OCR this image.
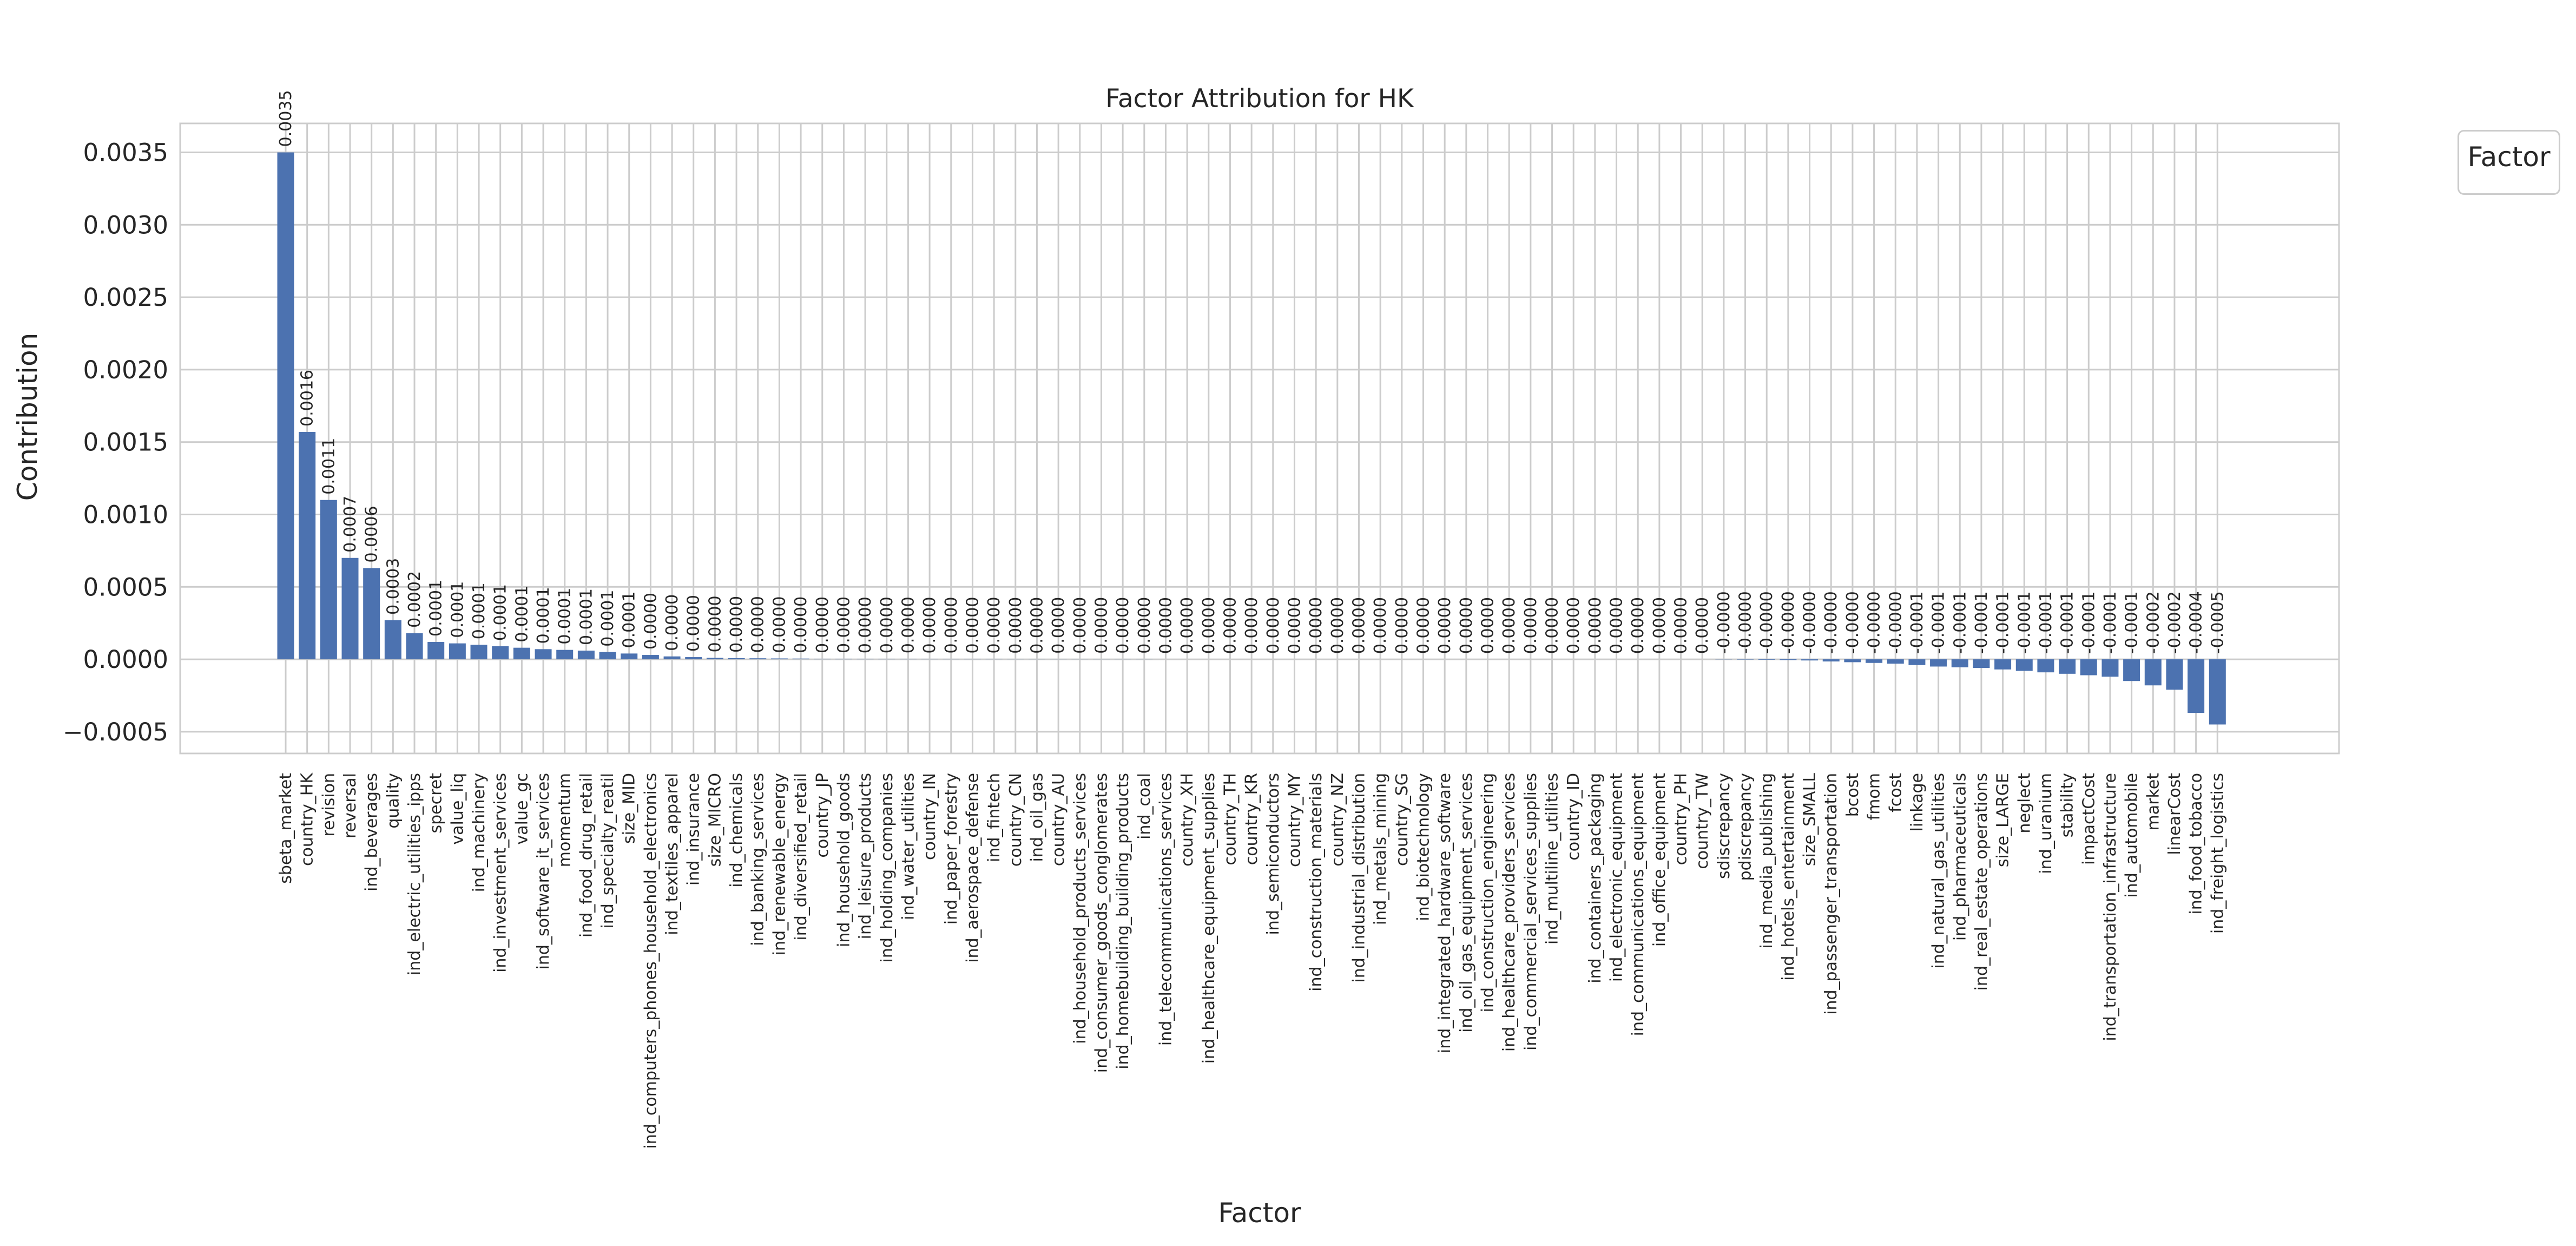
−0.0005
0.0000
0.0005
0.0010
0.0015
0.0020
0.0025
0.0030
0.0035
sbeta_market country_HK revision reversal ind_beverages quality ind_electric_utilities_ipps specret value_liq ind_machinery ind_investment_services value_gc ind_software_it_services momentum ind_food_drug_retail ind_specialty_reatil size_MID ind_computers_phones_household_electronics ind_textiles_apparel ind_insurance size_MICRO ind_chemicals ind_banking_services ind_renewable_energy ind_diversified_retail country_JP ind_household_goods ind_leisure_products ind_holding_companies ind_water_utilities country_IN ind_paper_forestry ind_aerospace_defense ind_fintech country_CN ind_oil_gas country_AU ind_household_products_services ind_consumer_goods_conglomerates ind_homebuilding_building_products ind_coal ind_telecommunications_services country_XH ind_healthcare_equipment_supplies country_TH country_KR ind_semiconductors country_MY ind_construction_materials country_NZ ind_industrial_distribution ind_metals_mining country_SG ind_biotechnology ind_integrated_hardware_software ind_oil_gas_equipment_services ind_construction_engineering ind_healthcare_providers_services ind_commercial_services_supplies ind_multiline_utilities country_ID ind_containers_packaging ind_electronic_equipment ind_communications_equipment ind_office_equipment country_PH country_TW sdiscrepancy pdiscrepancy ind_media_publishing ind_hotels_entertainment size_SMALL ind_passenger_transportation bcost fmom fcost linkage ind_natural_gas_utilities ind_pharmaceuticals ind_real_estate_operations size_LARGE neglect ind_uranium stability impactCost ind_transportation_infrastructure ind_automobile market linearCost ind_food_tobacco ind_freight_logistics
0.0035
0.0016
0.0011
0.0007 0.0006
0.0003 0.0002 0.0001 0.0001 0.0001 0.0001 0.0001 0.0001 0.0001 0.0001 0.0001 0.0001 0.0000 0.0000 0.0000 0.0000 0.0000 0.0000 0.0000 0.0000 0.0000 0.0000 0.0000 0.0000 0.0000 0.0000 0.0000 0.0000 0.0000 0.0000 0.0000 0.0000 0.0000 0.0000 0.0000 0.0000 0.0000 0.0000 0.0000 0.0000 0.0000 0.0000 0.0000 0.0000 0.0000 0.0000 0.0000 0.0000 0.0000 0.0000 0.0000 0.0000 0.0000 0.0000 0.0000 0.0000 0.0000 0.0000 0.0000 0.0000 0.0000 0.0000 -0.0000 -0.0000 -0.0000 -0.0000 -0.0000 -0.0000 -0.0000 -0.0000 -0.0000 -0.0001 -0.0001 -0.0001 -0.0001 -0.0001 -0.0001 -0.0001 -0.0001 -0.0001 -0.0001 -0.0001 -0.0002 -0.0002 -0.0004 -0.0005
Factor Attribution for HK
Factor
Contribution
Factor
